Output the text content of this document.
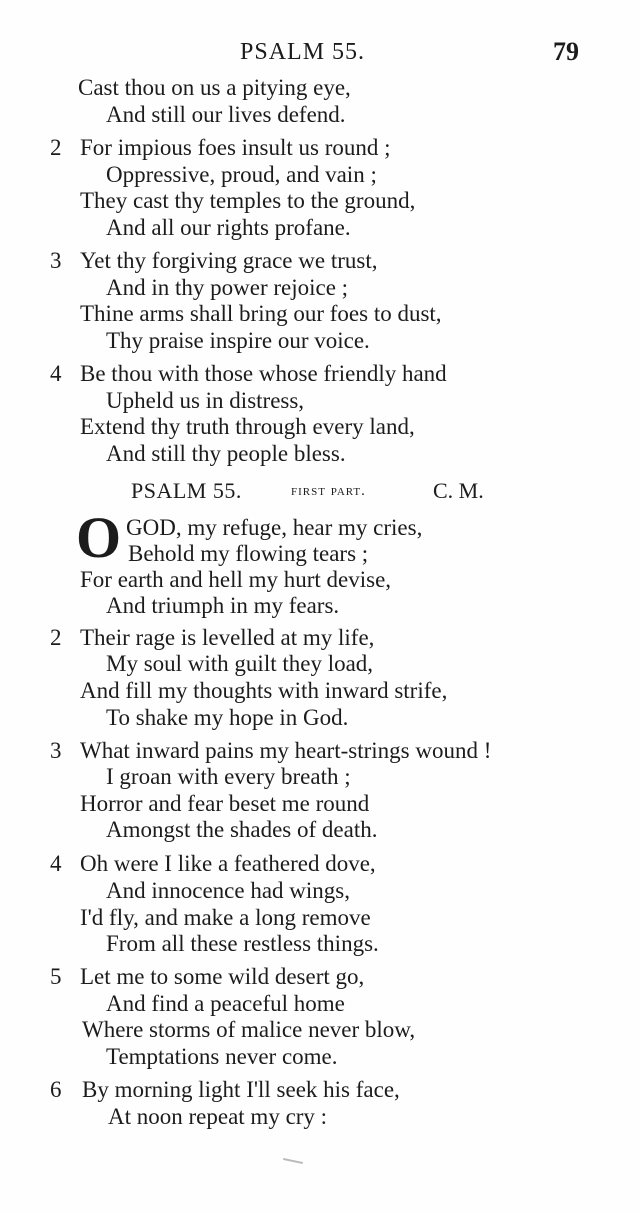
PSALM 55.	79
Cast thou on us a pitying eye,
And still our lives defend.
2 For impious foes insult us round ;
Oppressive, proud, and vain ;
They cast thy temples to the ground,
And all our rights profane.
3 Yet thy forgiving grace we trust,
And in thy power rejoice ;
Thine arms shall bring our foes to dust,
Thy praise inspire our voice.
4 Be thou with those whose friendly hand
Upheld us in distress,
Extend thy truth through every land,
And still thy people bless.
PSALM 55.	first part.	C. M.
O GOD, my refuge, hear my cries,
Behold my flowing tears ;
For earth and hell my hurt devise,
And triumph in my fears.
2 Their rage is levelled at my life,
My soul with guilt they load,
And fill my thoughts with inward strife,
To shake my hope in God.
3 What inward pains my heart-strings wound !
I groan with every breath ;
Horror and fear beset me round
Amongst the shades of death.
4 Oh were I like a feathered dove,
And innocence had wings,
I'd fly, and make a long remove
From all these restless things.
5 Let me to some wild desert go,
And find a peaceful home
Where storms of malice never blow,
Temptations never come.
6 By morning light I'll seek his face,
At noon repeat my cry :
